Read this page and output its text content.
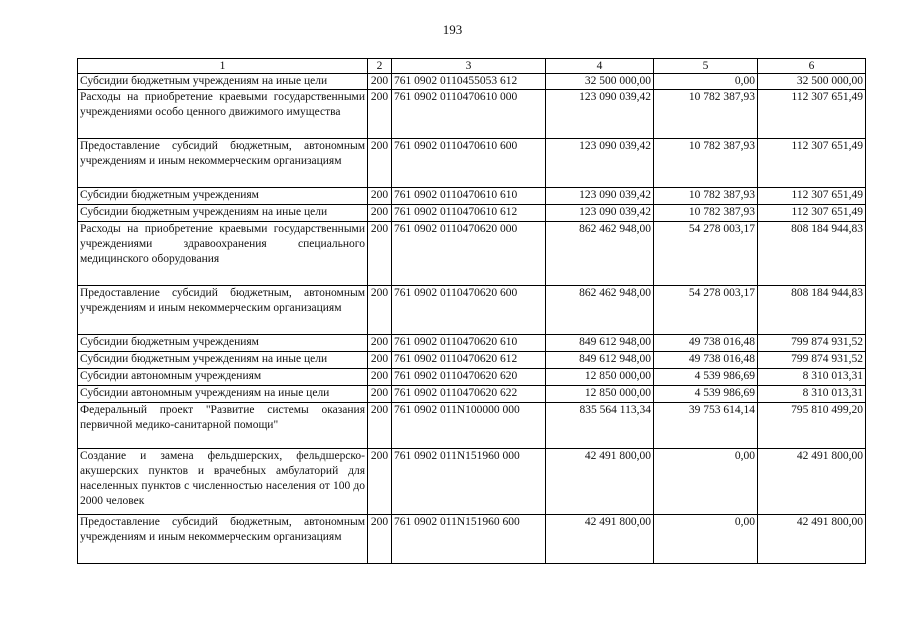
193
1	2	3	4	5	6
Субсидии бюджетным учреждениям на иные цели	200	761 0902 0110455053 612	32 500 000,00	0,00	32 500 000,00
Расходы на приобретение краевыми государственными учреждениями особо ценного движимого имущества	200	761 0902 0110470610 000	123 090 039,42	10 782 387,93	112 307 651,49
Предоставление субсидий бюджетным, автономным учреждениям и иным некоммерческим организациям	200	761 0902 0110470610 600	123 090 039,42	10 782 387,93	112 307 651,49
Субсидии бюджетным учреждениям	200	761 0902 0110470610 610	123 090 039,42	10 782 387,93	112 307 651,49
Субсидии бюджетным учреждениям на иные цели	200	761 0902 0110470610 612	123 090 039,42	10 782 387,93	112 307 651,49
Расходы на приобретение краевыми государственными учреждениями здравоохранения специального медицинского оборудования	200	761 0902 0110470620 000	862 462 948,00	54 278 003,17	808 184 944,83
Предоставление субсидий бюджетным, автономным учреждениям и иным некоммерческим организациям	200	761 0902 0110470620 600	862 462 948,00	54 278 003,17	808 184 944,83
Субсидии бюджетным учреждениям	200	761 0902 0110470620 610	849 612 948,00	49 738 016,48	799 874 931,52
Субсидии бюджетным учреждениям на иные цели	200	761 0902 0110470620 612	849 612 948,00	49 738 016,48	799 874 931,52
Субсидии автономным учреждениям	200	761 0902 0110470620 620	12 850 000,00	4 539 986,69	8 310 013,31
Субсидии автономным учреждениям на иные цели	200	761 0902 0110470620 622	12 850 000,00	4 539 986,69	8 310 013,31
Федеральный проект "Развитие системы оказания первичной медико-санитарной помощи"	200	761 0902 011N100000 000	835 564 113,34	39 753 614,14	795 810 499,20
Создание и замена фельдшерских, фельдшерско-акушерских пунктов и врачебных амбулаторий для населенных пунктов с численностью населения от 100 до 2000 человек	200	761 0902 011N151960 000	42 491 800,00	0,00	42 491 800,00
Предоставление субсидий бюджетным, автономным учреждениям и иным некоммерческим организациям	200	761 0902 011N151960 600	42 491 800,00	0,00	42 491 800,00
